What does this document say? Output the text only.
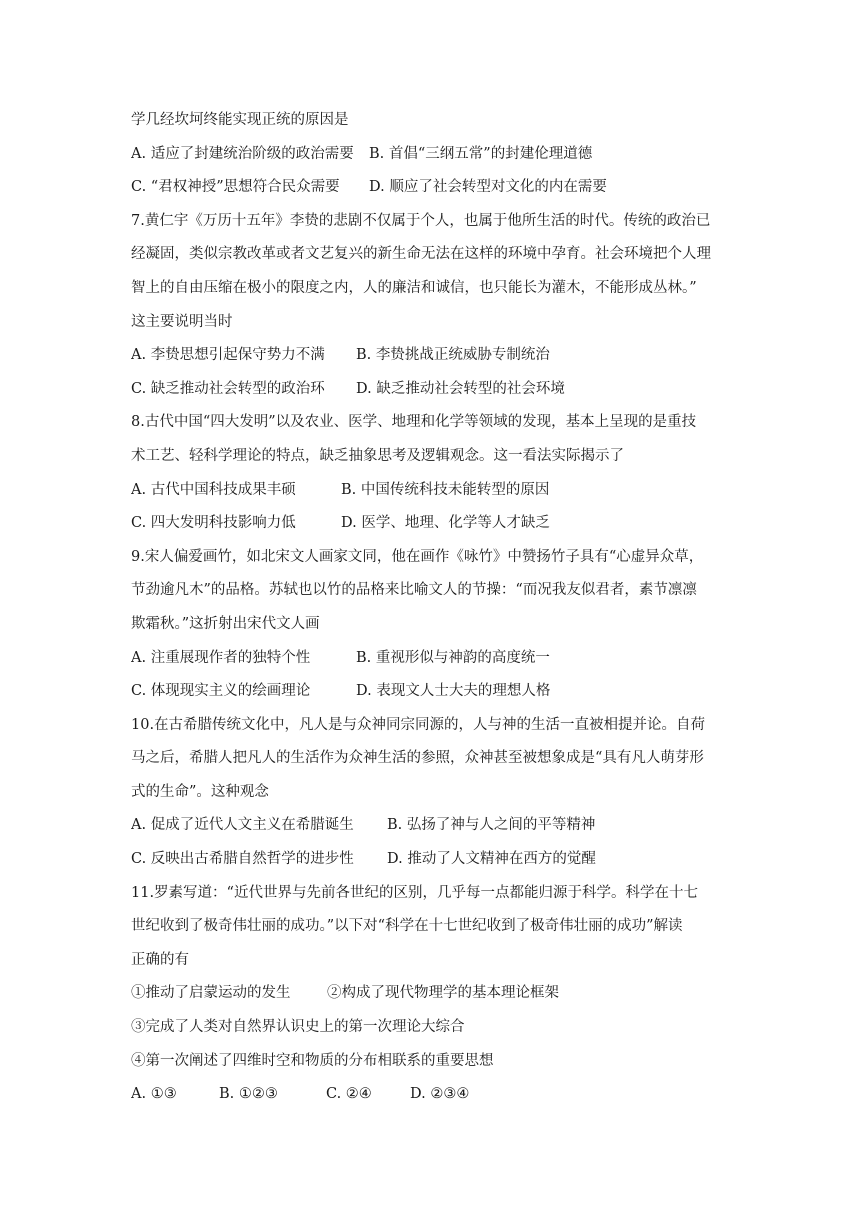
学几经坎坷终能实现正统的原因是
A. 适应了封建统治阶级的政治需要 B. 首倡“三纲五常”的封建伦理道德
C. “君权神授”思想符合民众需要 D. 顺应了社会转型对文化的内在需要
7.黄仁宇《万历十五年》李贽的悲剧不仅属于个人，也属于他所生活的时代。传统的政治已
经凝固，类似宗教改革或者文艺复兴的新生命无法在这样的环境中孕育。社会环境把个人理
智上的自由压缩在极小的限度之内，人的廉洁和诚信，也只能长为灌木，不能形成丛林。”
这主要说明当时
A. 李贽思想引起保守势力不满 B. 李贽挑战正统威胁专制统治
C. 缺乏推动社会转型的政治环 D. 缺乏推动社会转型的社会环境
8.古代中国“四大发明”以及农业、医学、地理和化学等领域的发现，基本上呈现的是重技
术工艺、轻科学理论的特点，缺乏抽象思考及逻辑观念。这一看法实际揭示了
A. 古代中国科技成果丰硕	B. 中国传统科技未能转型的原因
C. 四大发明科技影响力低	D. 医学、地理、化学等人才缺乏
9.宋人偏爱画竹，如北宋文人画家文同，他在画作《咏竹》中赞扬竹子具有“心虚异众草，
节劲逾凡木”的品格。苏轼也以竹的品格来比喻文人的节操：“而况我友似君者，素节凛凛
欺霜秋。”这折射出宋代文人画
A. 注重展现作者的独特个性	B. 重视形似与神韵的高度统一
C. 体现现实主义的绘画理论	D. 表现文人士大夫的理想人格
10.在古希腊传统文化中，凡人是与众神同宗同源的，人与神的生活一直被相提并论。自荷
马之后，希腊人把凡人的生活作为众神生活的参照，众神甚至被想象成是“具有凡人萌芽形
式的生命”。这种观念
A. 促成了近代人文主义在希腊诞生 B. 弘扬了神与人之间的平等精神
C. 反映出古希腊自然哲学的进步性 D. 推动了人文精神在西方的觉醒
11.罗素写道：“近代世界与先前各世纪的区别，几乎每一点都能归源于科学。科学在十七
世纪收到了极奇伟壮丽的成功。”以下对“科学在十七世纪收到了极奇伟壮丽的成功”解读
正确的有
①推动了启蒙运动的发生	②构成了现代物理学的基本理论框架
③完成了人类对自然界认识史上的第一次理论大综合
④第一次阐述了四维时空和物质的分布相联系的重要思想
A. ①③	B. ①②③	C. ②④	D. ②③④
